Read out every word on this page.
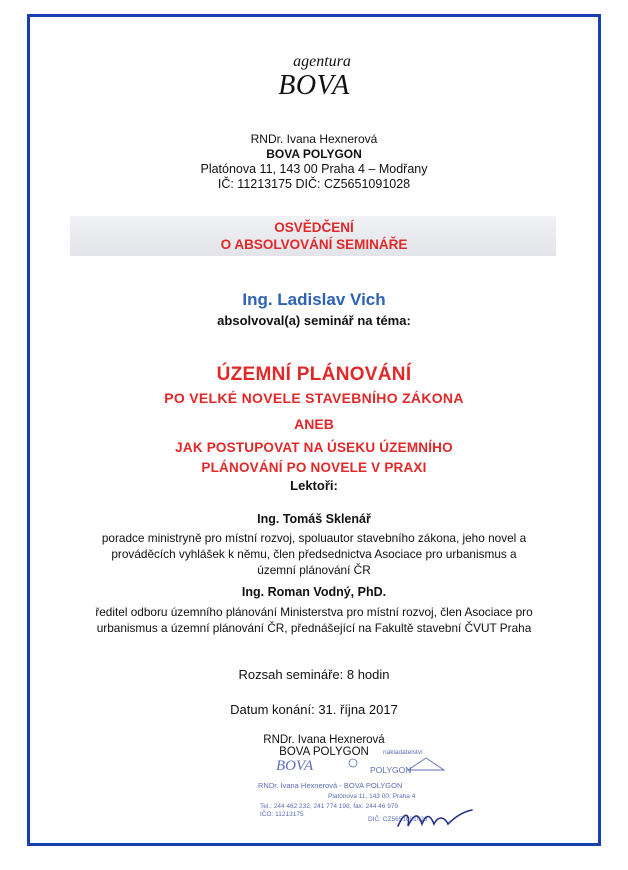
agentura
BOVA
RNDr. Ivana Hexnerová
BOVA POLYGON
Platónova 11, 143 00 Praha 4 – Modřany
IČ: 11213175 DIČ: CZ5651091028
OSVĚDČENÍ
O ABSOLVOVÁNÍ SEMINÁŘE
Ing. Ladislav Vich
absolvoval(a) seminář na téma:
ÚZEMNÍ PLÁNOVÁNÍ
PO VELKÉ NOVELE STAVEBNÍHO ZÁKONA
ANEB
JAK POSTUPOVAT NA ÚSEKU ÚZEMNÍHO
PLÁNOVÁNÍ PO NOVELE V PRAXI
Lektoři:
Ing. Tomáš Sklenář
poradce ministryně pro místní rozvoj, spoluautor stavebního zákona, jeho novel a
prováděcích vyhlášek k němu, člen předsednictva Asociace pro urbanismus a
územní plánování ČR
Ing. Roman Vodný, PhD.
ředitel odboru územního plánování Ministerstva pro místní rozvoj, člen Asociace pro
urbanismus a územní plánování ČR, přednášející na Fakultě stavební ČVUT Praha
Rozsah semináře: 8 hodin
Datum konání: 31. října 2017
RNDr. Ivana Hexnerová
BOVA POLYGON
BOVA
nakladatelství
POLYGON
RNDr. Ivana Hexnerová - BOVA POLYGON
Platónova 11, 143 00, Praha 4
Tel.: 244 462 232, 241 774 198, fax: 244 46 979
IČO: 11213175
DIČ: CZ5651091028
